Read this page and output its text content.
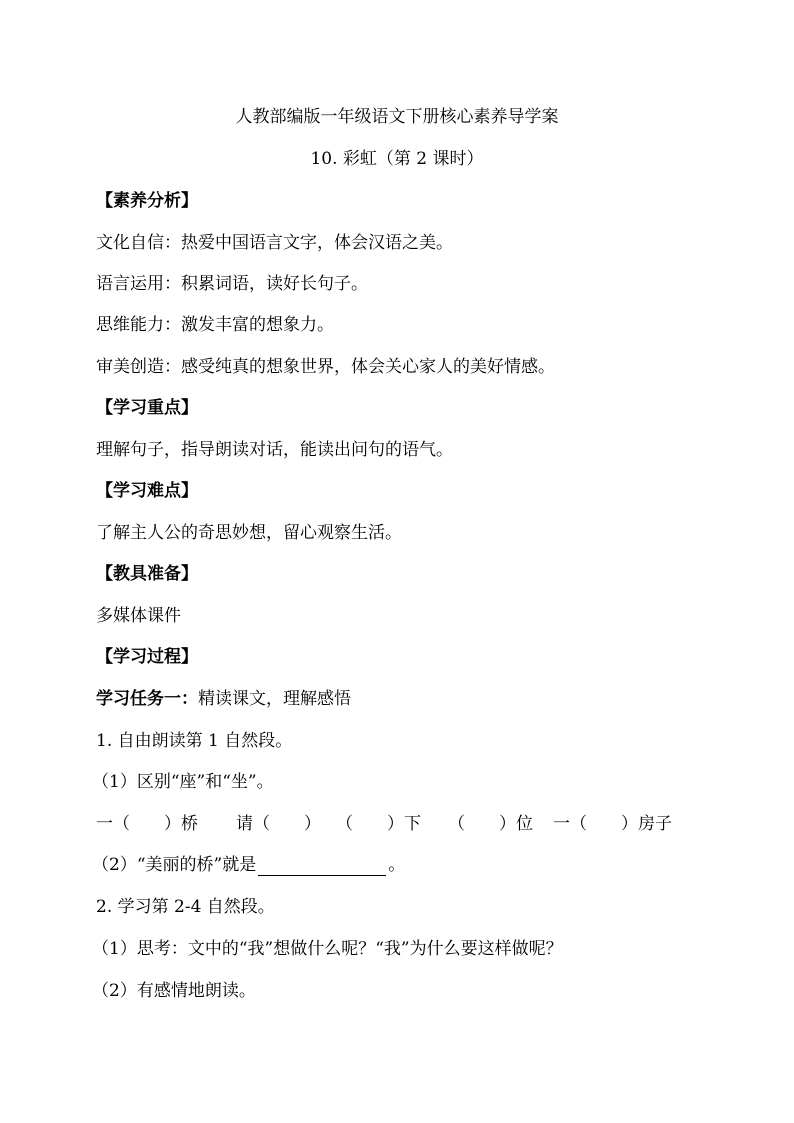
人教部编版一年级语文下册核心素养导学案
10. 彩虹（第 2 课时）
【素养分析】
文化自信：热爱中国语言文字，体会汉语之美。
语言运用：积累词语，读好长句子。
思维能力：激发丰富的想象力。
审美创造：感受纯真的想象世界，体会关心家人的美好情感。
【学习重点】
理解句子，指导朗读对话，能读出问句的语气。
【学习难点】
了解主人公的奇思妙想，留心观察生活。
【教具准备】
多媒体课件
【学习过程】
学习任务一：精读课文，理解感悟
1. 自由朗读第 1 自然段。
（1）区别“座”和“坐”。
一（　　）桥 请（　　） （　　）下 （　　）位 一（　　）房子
（2）“美丽的桥”就是	。
2. 学习第 2-4 自然段。
（1）思考：文中的“我”想做什么呢？“我”为什么要这样做呢？
（2）有感情地朗读。
